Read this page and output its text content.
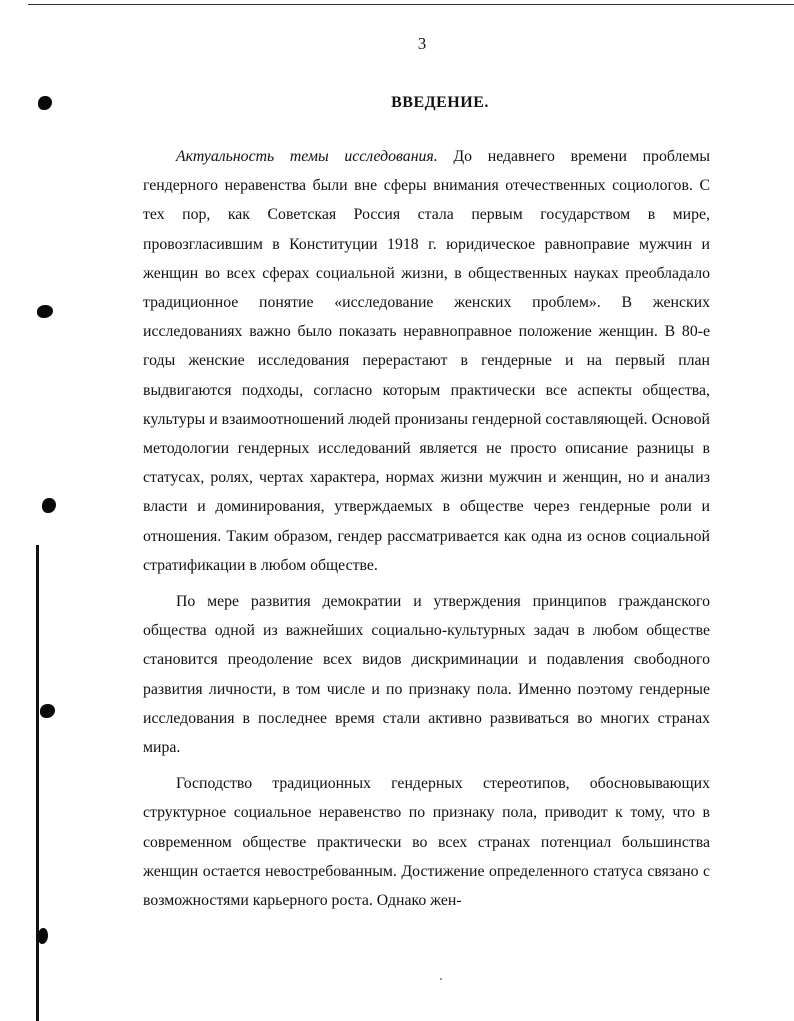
3
ВВЕДЕНИЕ.

Актуальность темы исследования. До недавнего времени проблемы гендерного неравенства были вне сферы внимания отечественных социологов. С тех пор, как Советская Россия стала первым государством в мире, провозгласившим в Конституции 1918 г. юридическое равноправие мужчин и женщин во всех сферах социальной жизни, в общественных науках преобладало традиционное понятие «исследование женских проблем». В женских исследованиях важно было показать неравноправное положение женщин. В 80-е годы женские исследования перерастают в гендерные и на первый план выдвигаются подходы, согласно которым практически все аспекты общества, культуры и взаимоотношений людей пронизаны гендерной составляющей. Основой методологии гендерных исследований является не просто описание разницы в статусах, ролях, чертах характера, нормах жизни мужчин и женщин, но и анализ власти и доминирования, утверждаемых в обществе через гендерные роли и отношения. Таким образом, гендер рассматривается как одна из основ социальной стратификации в любом обществе.

По мере развития демократии и утверждения принципов гражданского общества одной из важнейших социально-культурных задач в любом обществе становится преодоление всех видов дискриминации и подавления свободного развития личности, в том числе и по признаку пола. Именно поэтому гендерные исследования в последнее время стали активно развиваться во многих странах мира.

Господство традиционных гендерных стереотипов, обосновывающих структурное социальное неравенство по признаку пола, приводит к тому, что в современном обществе практически во всех странах потенциал большинства женщин остается невостребованным. Достижение определенного статуса связано с возможностями карьерного роста. Однако жен-
